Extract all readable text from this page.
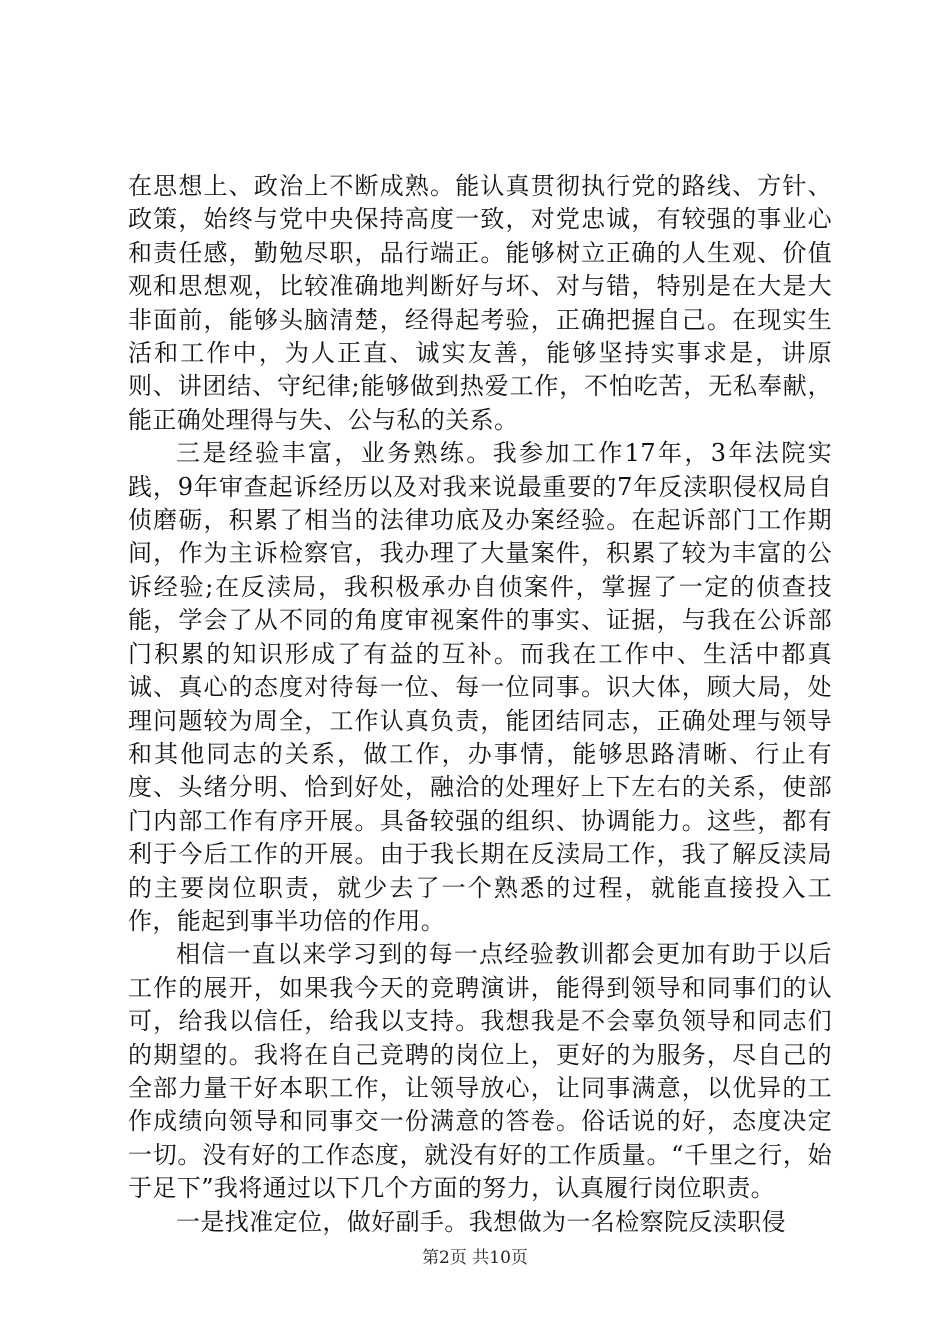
在思想上、政治上不断成熟。能认真贯彻执行党的路线、方针、政策，始终与党中央保持高度一致，对党忠诚，有较强的事业心和责任感，勤勉尽职，品行端正。能够树立正确的人生观、价值观和思想观，比较准确地判断好与坏、对与错，特别是在大是大非面前，能够头脑清楚，经得起考验，正确把握自己。在现实生活和工作中，为人正直、诚实友善，能够坚持实事求是，讲原则、讲团结、守纪律;能够做到热爱工作，不怕吃苦，无私奉献，能正确处理得与失、公与私的关系。

三是经验丰富，业务熟练。我参加工作17年，3年法院实践，9年审查起诉经历以及对我来说最重要的7年反渎职侵权局自侦磨砺，积累了相当的法律功底及办案经验。在起诉部门工作期间，作为主诉检察官，我办理了大量案件，积累了较为丰富的公诉经验;在反渎局，我积极承办自侦案件，掌握了一定的侦查技能，学会了从不同的角度审视案件的事实、证据，与我在公诉部门积累的知识形成了有益的互补。而我在工作中、生活中都真诚、真心的态度对待每一位、每一位同事。识大体，顾大局，处理问题较为周全，工作认真负责，能团结同志，正确处理与领导和其他同志的关系，做工作，办事情，能够思路清晰、行止有度、头绪分明、恰到好处，融洽的处理好上下左右的关系，使部门内部工作有序开展。具备较强的组织、协调能力。这些，都有利于今后工作的开展。由于我长期在反渎局工作，我了解反渎局的主要岗位职责，就少去了一个熟悉的过程，就能直接投入工作，能起到事半功倍的作用。

相信一直以来学习到的每一点经验教训都会更加有助于以后工作的展开，如果我今天的竞聘演讲，能得到领导和同事们的认可，给我以信任，给我以支持。我想我是不会辜负领导和同志们的期望的。我将在自己竞聘的岗位上，更好的为服务，尽自己的全部力量干好本职工作，让领导放心，让同事满意，以优异的工作成绩向领导和同事交一份满意的答卷。俗话说的好，态度决定一切。没有好的工作态度，就没有好的工作质量。“千里之行，始于足下”我将通过以下几个方面的努力，认真履行岗位职责。

一是找准定位，做好副手。我想做为一名检察院反渎职侵

第2页 共10页
